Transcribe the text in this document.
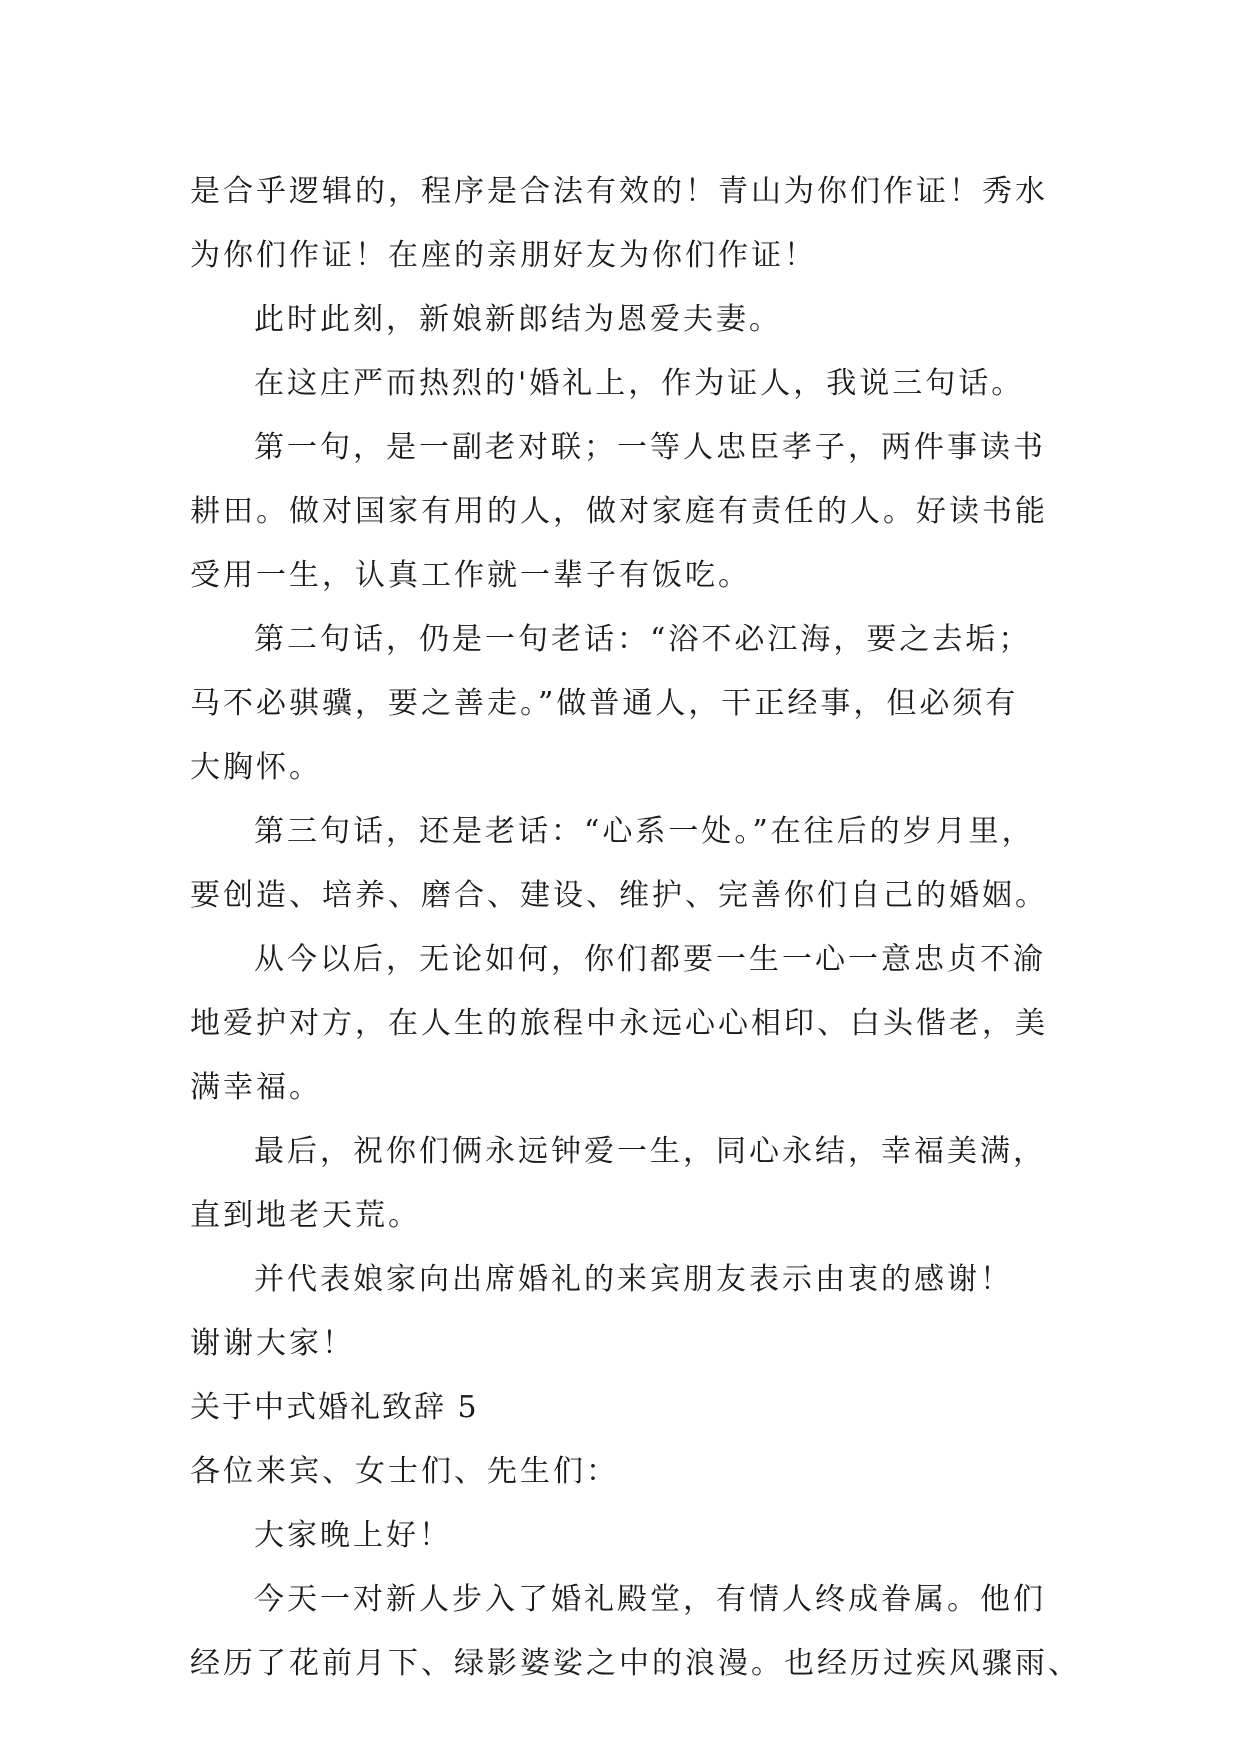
是合乎逻辑的，程序是合法有效的！青山为你们作证！秀水
为你们作证！在座的亲朋好友为你们作证！
此时此刻，新娘新郎结为恩爱夫妻。
在这庄严而热烈的'婚礼上，作为证人，我说三句话。
第一句，是一副老对联；一等人忠臣孝子，两件事读书
耕田。做对国家有用的人，做对家庭有责任的人。好读书能
受用一生，认真工作就一辈子有饭吃。
第二句话，仍是一句老话：“浴不必江海，要之去垢；
马不必骐骥，要之善走。”做普通人，干正经事，但必须有
大胸怀。
第三句话，还是老话：“心系一处。”在往后的岁月里，
要创造、培养、磨合、建设、维护、完善你们自己的婚姻。
从今以后，无论如何，你们都要一生一心一意忠贞不渝
地爱护对方，在人生的旅程中永远心心相印、白头偕老，美
满幸福。
最后，祝你们俩永远钟爱一生，同心永结，幸福美满，
直到地老天荒。
并代表娘家向出席婚礼的来宾朋友表示由衷的感谢！
谢谢大家！
关于中式婚礼致辞 5
各位来宾、女士们、先生们：
大家晚上好！
今天一对新人步入了婚礼殿堂，有情人终成眷属。他们
经历了花前月下、绿影婆娑之中的浪漫。也经历过疾风骤雨、
